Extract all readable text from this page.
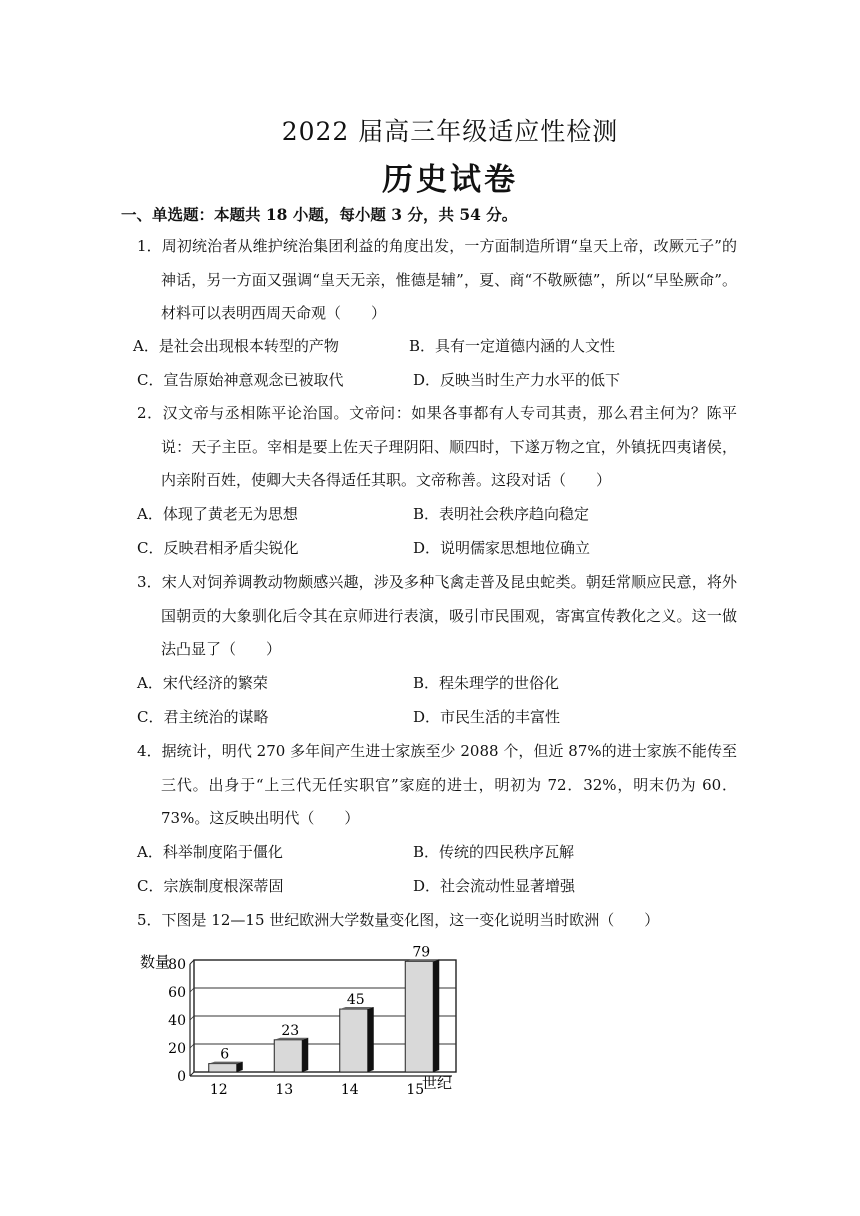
2022 届高三年级适应性检测
历史试卷
一、单选题：本题共 18 小题，每小题 3 分，共 54 分。
1．周初统治者从维护统治集团利益的角度出发，一方面制造所谓“皇天上帝，改厥元子”的神话，另一方面又强调“皇天无亲，惟德是辅”，夏、商“不敬厥德”，所以“早坠厥命”。材料可以表明西周天命观（　　）
A．是社会出现根本转型的产物	B．具有一定道德内涵的人文性
C．宣告原始神意观念已被取代	D．反映当时生产力水平的低下
2．汉文帝与丞相陈平论治国。文帝问：如果各事都有人专司其责，那么君主何为？陈平说：天子主臣。宰相是要上佐天子理阴阳、顺四时，下遂万物之宜，外镇抚四夷诸侯，内亲附百姓，使卿大夫各得适任其职。文帝称善。这段对话（　　）
A．体现了黄老无为思想	B．表明社会秩序趋向稳定
C．反映君相矛盾尖锐化	D．说明儒家思想地位确立
3．宋人对饲养调教动物颇感兴趣，涉及多种飞禽走普及昆虫蛇类。朝廷常顺应民意，将外国朝贡的大象驯化后令其在京师进行表演，吸引市民围观，寄寓宣传教化之义。这一做法凸显了（　　）
A．宋代经济的繁荣	B．程朱理学的世俗化
C．君主统治的谋略	D．市民生活的丰富性
4．据统计，明代 270 多年间产生进士家族至少 2088 个，但近 87%的进士家族不能传至三代。出身于“上三代无任实职官”家庭的进士，明初为 72．32%，明末仍为 60．73%。这反映出明代（　　）
A．科举制度陷于僵化	B．传统的四民秩序瓦解
C．宗族制度根深蒂固	D．社会流动性显著增强
5．下图是 12—15 世纪欧洲大学数量变化图，这一变化说明当时欧洲（　　）
数量
世纪
0
20
40
60
80
6
12
23
13
45
14
79
15
